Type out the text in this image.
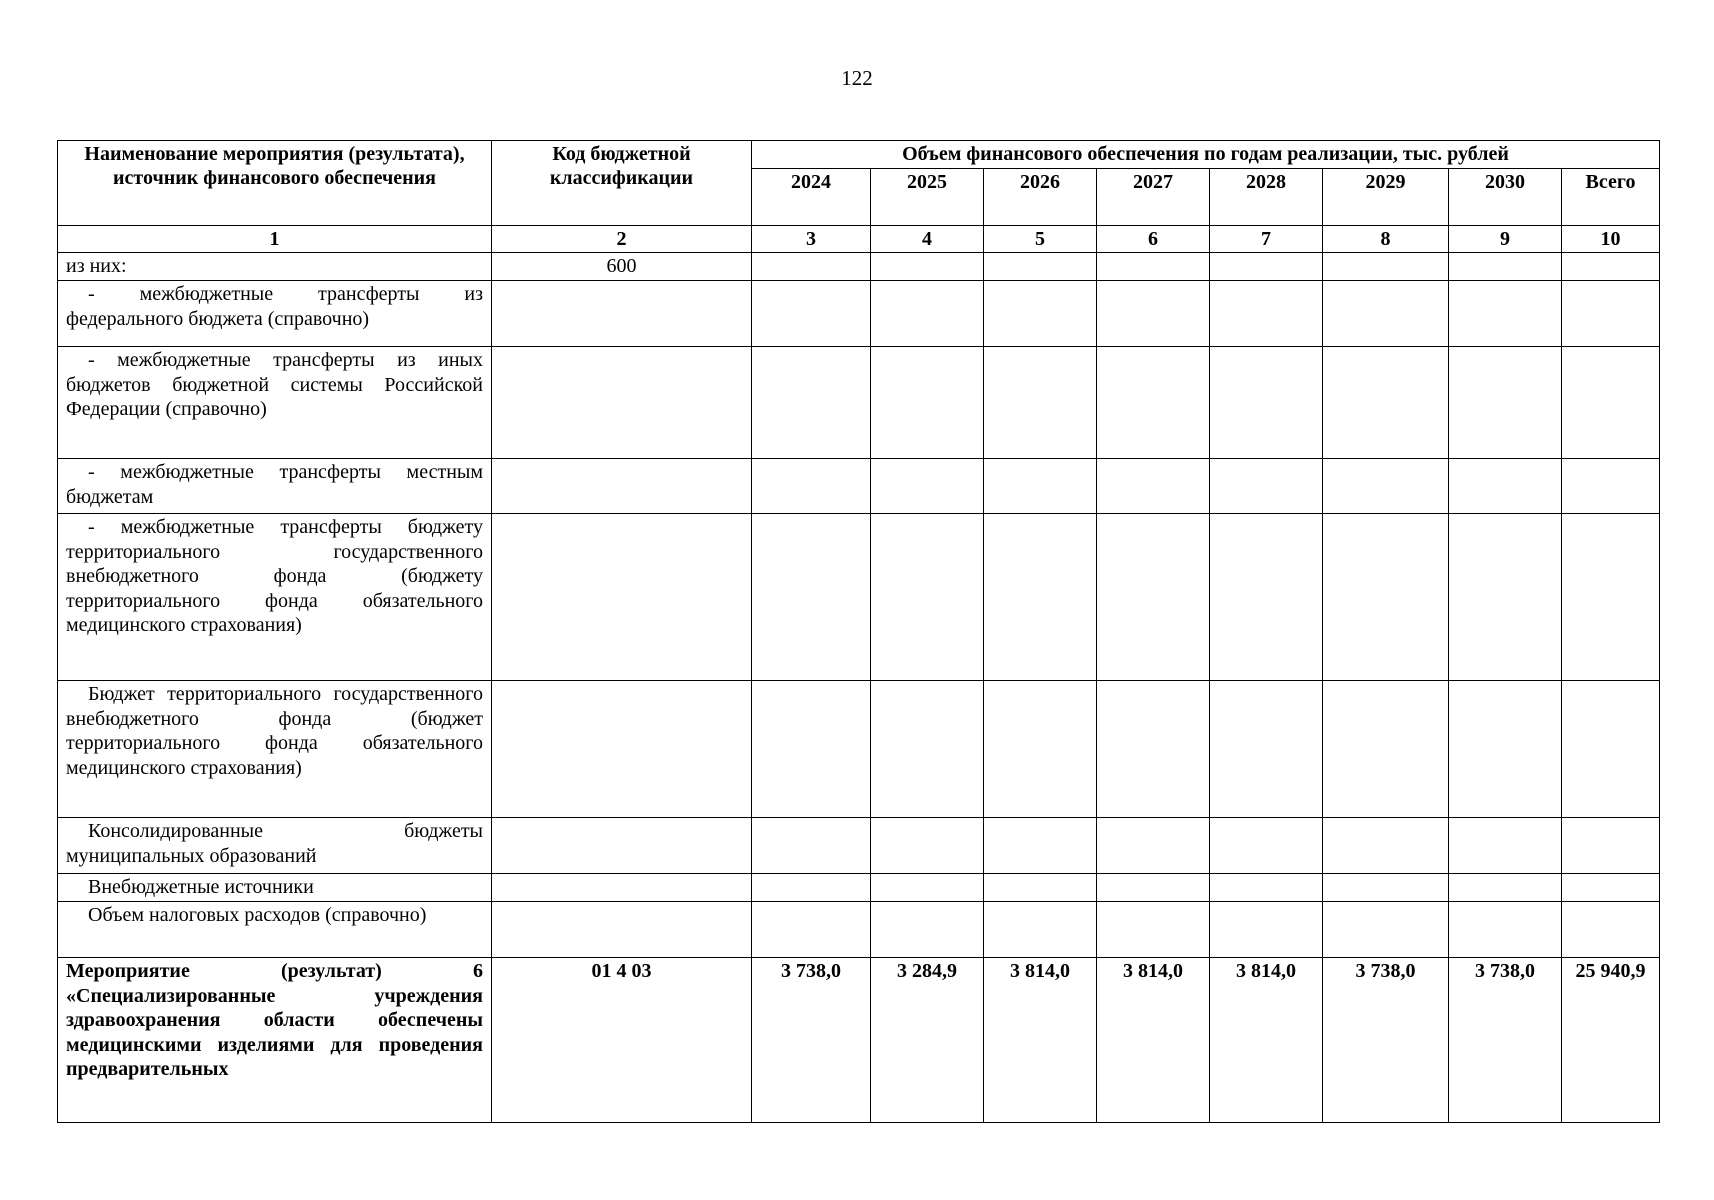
122
Наименование мероприятия (результата), источник финансового обеспечения	Код бюджетной классификации	Объем финансового обеспечения по годам реализации, тыс. рублей							
		2024	2025	2026	2027	2028	2029	2030	Всего
1	2	3	4	5	6	7	8	9	10
из них:	600								
- межбюджетные трансферты из федерального бюджета (справочно)									
- межбюджетные трансферты из иных бюджетов бюджетной системы Российской Федерации (справочно)									
- межбюджетные трансферты местным бюджетам									
- межбюджетные трансферты бюджету территориального государственного внебюджетного фонда (бюджету территориального фонда обязательного медицинского страхования)									
Бюджет территориального государственного внебюджетного фонда (бюджет территориального фонда обязательного медицинского страхования)									
Консолидированные бюджеты муниципальных образований									
Внебюджетные источники									
Объем налоговых расходов (справочно)									
Мероприятие (результат) 6 «Специализированные учреждения здравоохранения области обеспечены медицинскими изделиями для проведения предварительных	01 4 03	3 738,0	3 284,9	3 814,0	3 814,0	3 814,0	3 738,0	3 738,0	25 940,9
